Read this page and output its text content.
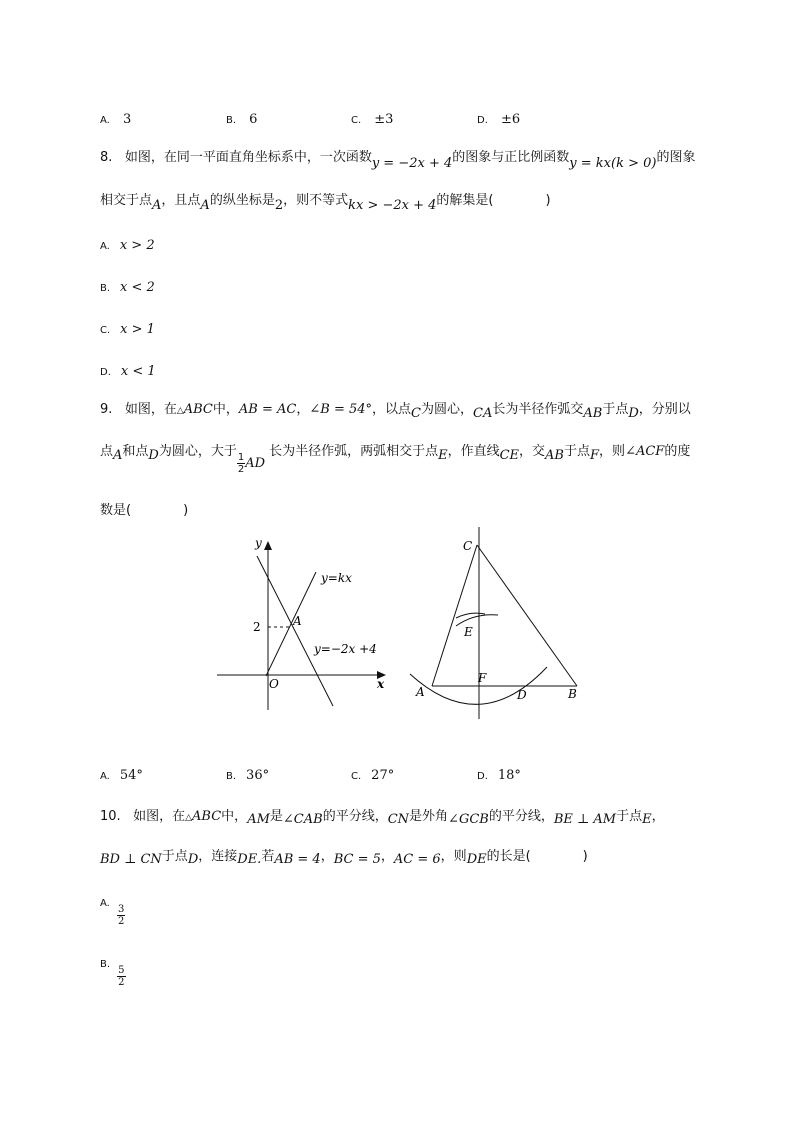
A. 3	B. 6	C. ±3	D. ±6
8. 如图，在同一平面直角坐标系中，一次函数y = −2x + 4的图象与正比例函数y = kx(k > 0)的图象
相交于点A，且点A的纵坐标是2，则不等式kx > −2x + 4的解集是(　　　　)
A. x > 2
B. x < 2
C. x > 1
D. x < 1
9. 如图，在△ABC中，AB = AC，∠B = 54°，以点C为圆心，CA长为半径作弧交AB于点D，分别以
点A和点D为圆心，大于
$\frac{1}{2}$ AD长为半径作弧，两弧相交于点E，作直线CE，交AB于点F，则∠ACF的度
数是(　　　　)
y
x
O
2	A
y=kx
y=−2x +4
C
E
F
A	D	B
A. 54°	B. 36°	C. 27°	D. 18°
10. 如图，在△ABC中，AM是∠CAB的平分线，CN是外角∠GCB的平分线，BE ⊥ AM于点E，
BD ⊥ CN于点D，连接DE.若AB = 4，BC = 5，AC = 6，则DE的长是(　　　　)
A.
$\frac{3}{2}$
B.
$\frac{5}{2}$
